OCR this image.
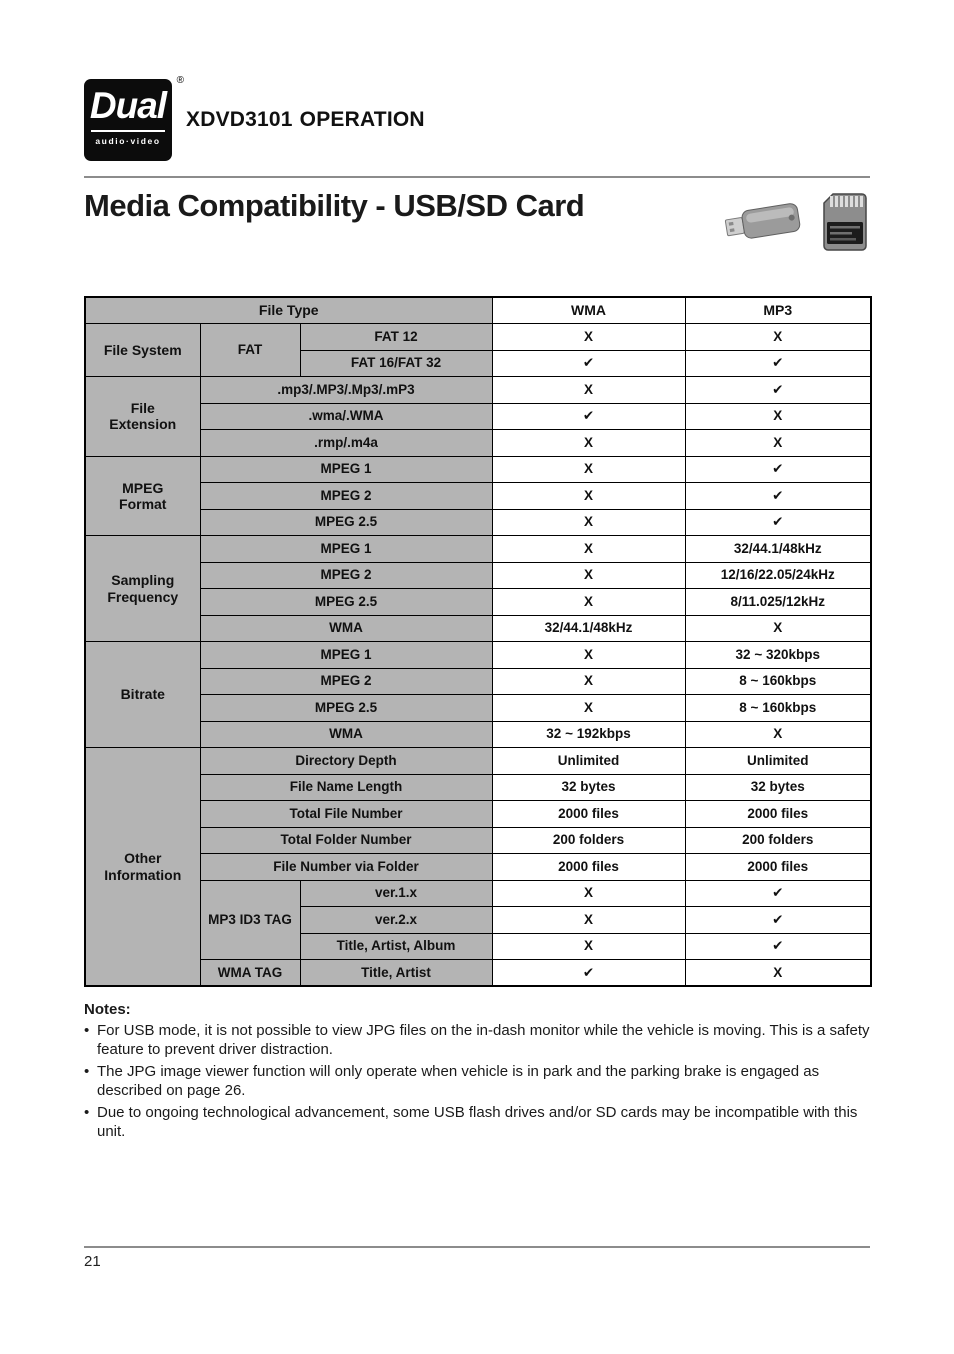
Dual
audio·video
®
XDVD3101 OPERATION
Media Compatibility - USB/SD Card
File Type			WMA	MP3
File System	FAT	FAT 12	X	X
		FAT 16/FAT 32	✔	✔
File Extension	.mp3/.MP3/.Mp3/.mP3		X	✔
	.wma/.WMA		✔	X
	.rmp/.m4a		X	X
MPEG Format	MPEG 1		X	✔
	MPEG 2		X	✔
	MPEG 2.5		X	✔
Sampling Frequency	MPEG 1		X	32/44.1/48kHz
	MPEG 2		X	12/16/22.05/24kHz
	MPEG 2.5		X	8/11.025/12kHz
	WMA		32/44.1/48kHz	X
Bitrate	MPEG 1		X	32 ~ 320kbps
	MPEG 2		X	8 ~ 160kbps
	MPEG 2.5		X	8 ~ 160kbps
	WMA		32 ~ 192kbps	X
Other Information	Directory Depth		Unlimited	Unlimited
	File Name Length		32 bytes	32 bytes
	Total File Number		2000 files	2000 files
	Total Folder Number		200 folders	200 folders
	File Number via Folder		2000 files	2000 files
	MP3 ID3 TAG	ver.1.x	X	✔
		ver.2.x	X	✔
		Title, Artist, Album	X	✔
	WMA TAG	Title, Artist	✔	X
Notes:
• For USB mode, it is not possible to view JPG files on the in-dash monitor while the vehicle is moving. This is a safety feature to prevent driver distraction.
• The JPG image viewer function will only operate when vehicle is in park and the parking brake is engaged as described on page 26.
• Due to ongoing technological advancement, some USB flash drives and/or SD cards may be incompatible with this unit.
21
